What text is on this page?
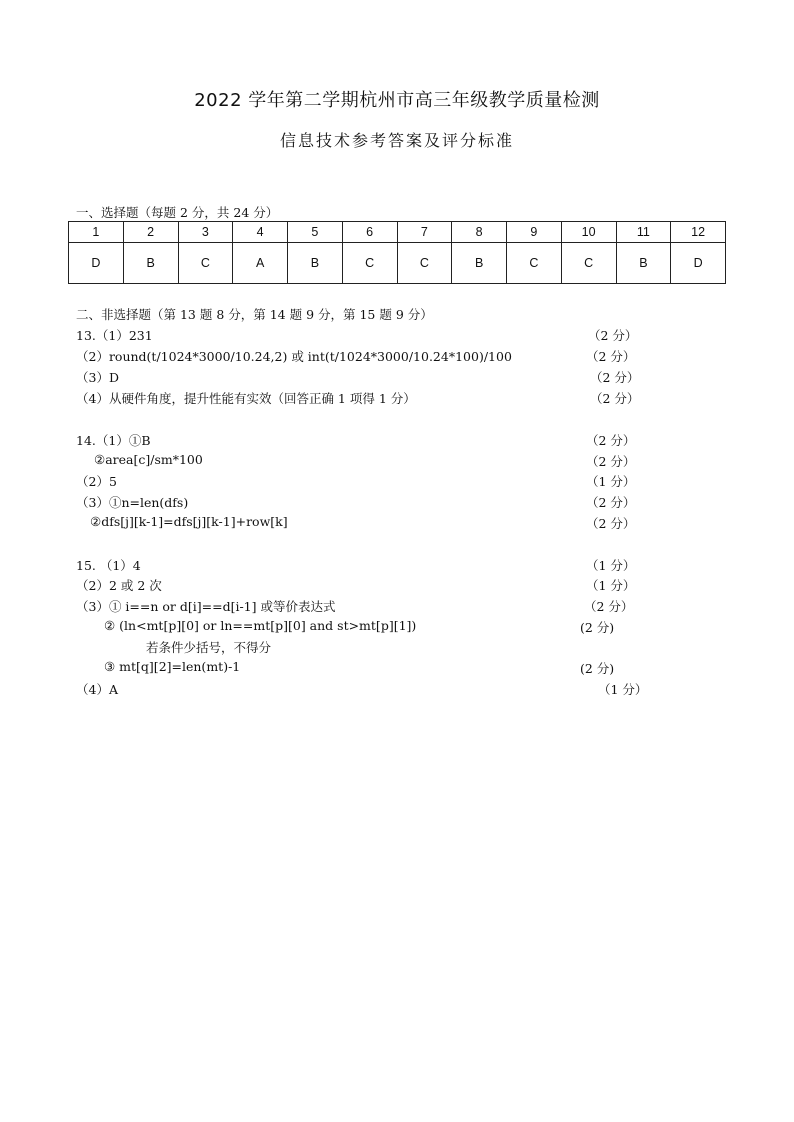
2022 学年第二学期杭州市高三年级教学质量检测
信息技术参考答案及评分标准
一、选择题（每题 2 分，共 24 分）
1	2	3	4	5	6	7	8	9	10	11	12
D	B	C	A	B	C	C	B	C	C	B	D
二、非选择题（第 13 题 8 分，第 14 题 9 分，第 15 题 9 分）
13.（1）231	（2 分）
（2）round(t/1024*3000/10.24,2) 或 int(t/1024*3000/10.24*100)/100	（2 分）
（3）D	（2 分）
（4）从硬件角度，提升性能有实效（回答正确 1 项得 1 分）	（2 分）
14.（1）①B	（2 分）
②area[c]/sm*100	（2 分）
（2）5	（1 分）
（3）①n=len(dfs)	（2 分）
②dfs[j][k-1]=dfs[j][k-1]+row[k]	（2 分）
15. （1）4	（1 分）
（2）2 或 2 次	（1 分）
（3）① i==n or d[i]==d[i-1] 或等价表达式	（2 分）
② (ln<mt[p][0] or ln==mt[p][0] and st>mt[p][1])	(2 分)
若条件少括号，不得分
③ mt[q][2]=len(mt)-1	(2 分)
（4）A	（1 分）
